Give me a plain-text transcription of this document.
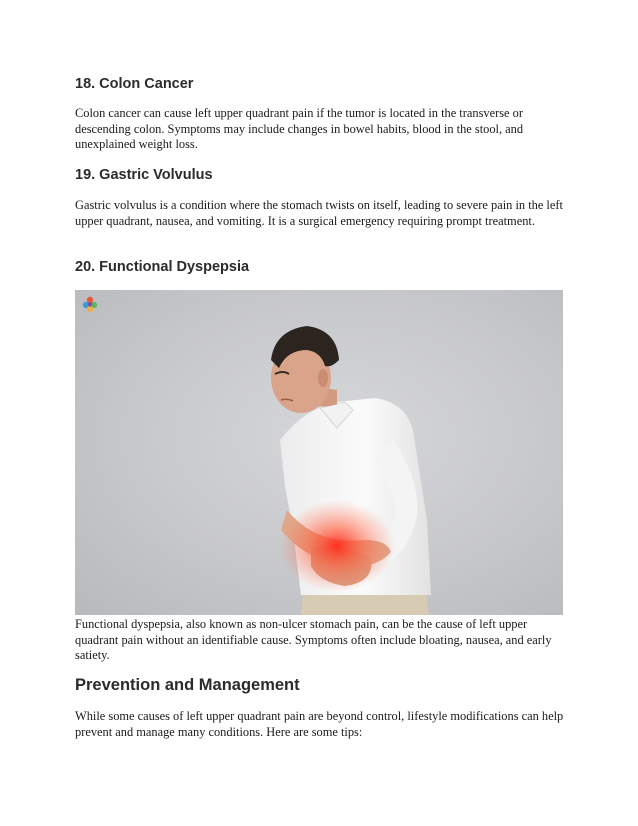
18. Colon Cancer

Colon cancer can cause left upper quadrant pain if the tumor is located in the transverse or descending colon. Symptoms may include changes in bowel habits, blood in the stool, and unexplained weight loss.

19. Gastric Volvulus

Gastric volvulus is a condition where the stomach twists on itself, leading to severe pain in the left upper quadrant, nausea, and vomiting. It is a surgical emergency requiring prompt treatment.

20. Functional Dyspepsia

Functional dyspepsia, also known as non-ulcer stomach pain, can be the cause of left upper quadrant pain without an identifiable cause. Symptoms often include bloating, nausea, and early satiety.

Prevention and Management

While some causes of left upper quadrant pain are beyond control, lifestyle modifications can help prevent and manage many conditions. Here are some tips:
